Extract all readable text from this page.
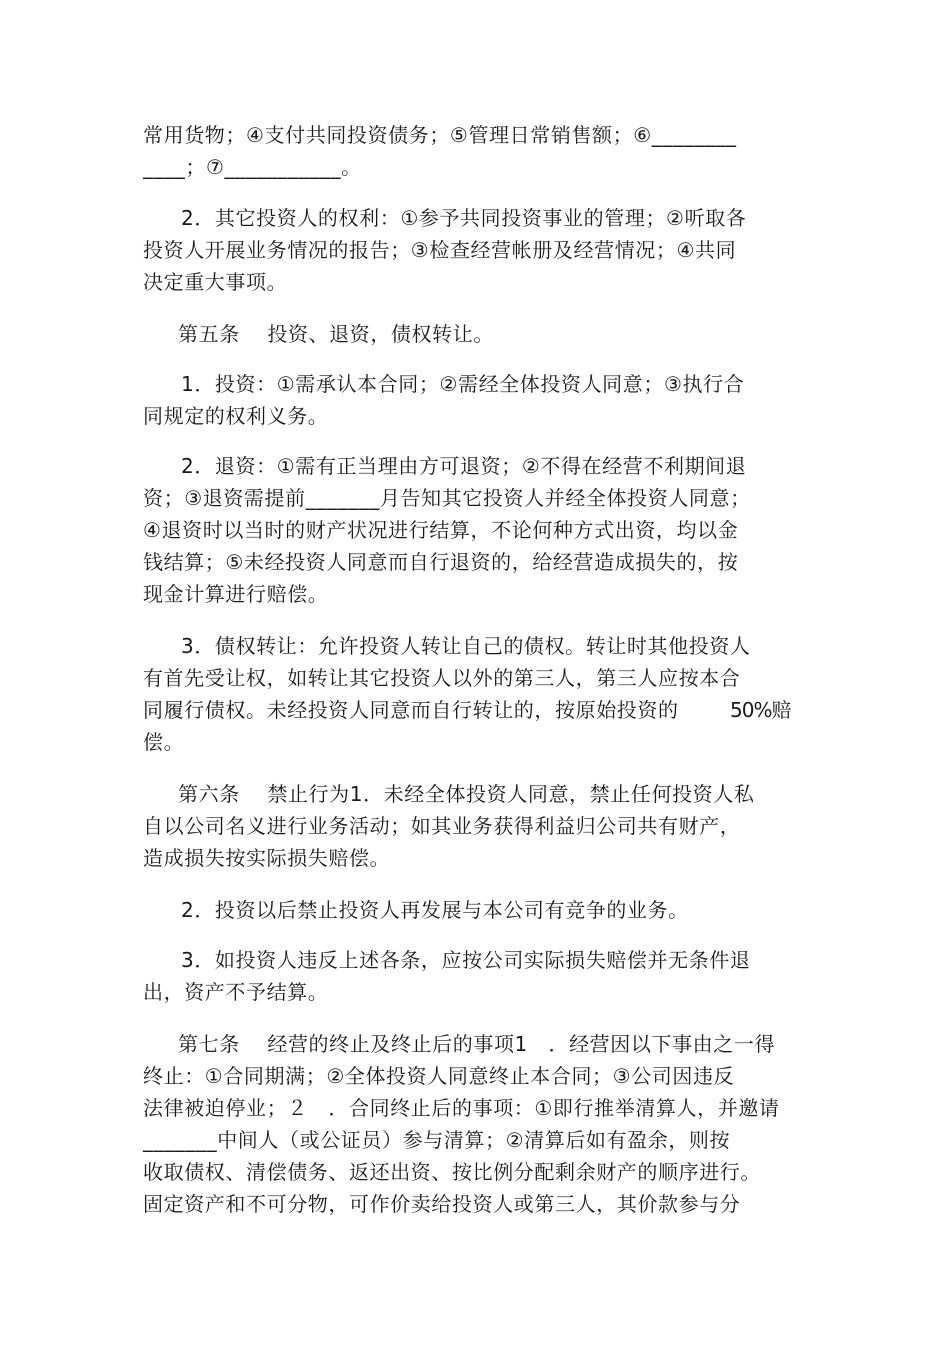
常用货物；④支付共同投资债务；⑤管理日常销售额；⑥________
____；⑦___________。
2．其它投资人的权利：①参予共同投资事业的管理；②听取各
投资人开展业务情况的报告；③检查经营帐册及经营情况；④共同
决定重大事项。
第五条　 投资、退资，债权转让。
1．投资：①需承认本合同；②需经全体投资人同意；③执行合
同规定的权利义务。
2．退资：①需有正当理由方可退资；②不得在经营不利期间退
资；③退资需提前_______月告知其它投资人并经全体投资人同意；
④退资时以当时的财产状况进行结算，不论何种方式出资，均以金
钱结算；⑤未经投资人同意而自行退资的，给经营造成损失的，按
现金计算进行赔偿。
3．债权转让：允许投资人转让自己的债权。转让时其他投资人
有首先受让权，如转让其它投资人以外的第三人，第三人应按本合
同履行债权。未经投资人同意而自行转让的，按原始投资的	50%赔
偿。
第六条　 禁止行为1．未经全体投资人同意，禁止任何投资人私
自以公司名义进行业务活动；如其业务获得利益归公司共有财产，
造成损失按实际损失赔偿。
2．投资以后禁止投资人再发展与本公司有竞争的业务。
3．如投资人违反上述各条，应按公司实际损失赔偿并无条件退
出，资产不予结算。
第七条　 经营的终止及终止后的事项1　．经营因以下事由之一得
终止：①合同期满；②全体投资人同意终止本合同；③公司因违反
法律被迫停业；２　．合同终止后的事项：①即行推举清算人，并邀请
_______中间人（或公证员）参与清算；②清算后如有盈余，则按
收取债权、清偿债务、返还出资、按比例分配剩余财产的顺序进行。
固定资产和不可分物，可作价卖给投资人或第三人，其价款参与分
